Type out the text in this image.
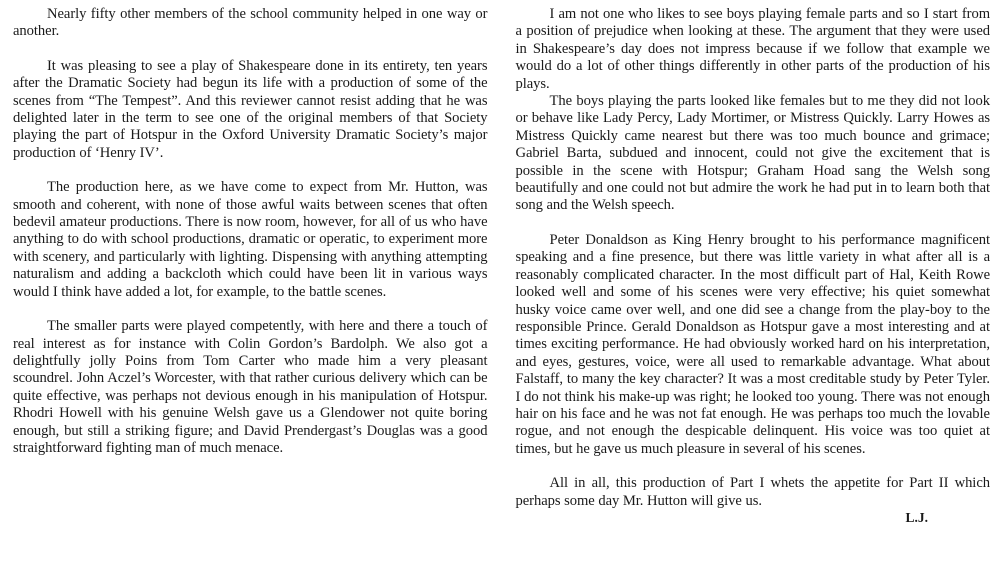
Nearly fifty other members of the school community helped in one way or another.

It was pleasing to see a play of Shakespeare done in its entirety, ten years after the Dramatic Society had begun its life with a production of some of the scenes from “The Tempest”. And this reviewer cannot resist adding that he was delighted later in the term to see one of the original members of that Society playing the part of Hotspur in the Oxford University Dramatic Society’s major production of ‘Henry IV’.

The production here, as we have come to expect from Mr. Hutton, was smooth and coherent, with none of those awful waits between scenes that often bedevil amateur productions. There is now room, however, for all of us who have anything to do with school productions, dramatic or operatic, to experiment more with scenery, and particularly with lighting. Dispensing with anything attempting naturalism and adding a backcloth which could have been lit in various ways would I think have added a lot, for example, to the battle scenes.

The smaller parts were played competently, with here and there a touch of real interest as for instance with Colin Gordon’s Bardolph. We also got a delightfully jolly Poins from Tom Carter who made him a very pleasant scoundrel. John Aczel’s Worcester, with that rather curious delivery which can be quite effective, was perhaps not devious enough in his manipulation of Hotspur. Rhodri Howell with his genuine Welsh gave us a Glendower not quite boring enough, but still a striking figure; and David Prendergast’s Douglas was a good straightforward fighting man of much menace.

I am not one who likes to see boys playing female parts and so I start from a position of prejudice when looking at these. The argument that they were used in Shakespeare’s day does not impress because if we follow that example we would do a lot of other things differently in other parts of the production of his plays.

The boys playing the parts looked like females but to me they did not look or behave like Lady Percy, Lady Mortimer, or Mistress Quickly. Larry Howes as Mistress Quickly came nearest but there was too much bounce and grimace; Gabriel Barta, subdued and innocent, could not give the excitement that is possible in the scene with Hotspur; Graham Hoad sang the Welsh song beautifully and one could not but admire the work he had put in to learn both that song and the Welsh speech.

Peter Donaldson as King Henry brought to his performance magnificent speaking and a fine presence, but there was little variety in what after all is a reasonably complicated character. In the most difficult part of Hal, Keith Rowe looked well and some of his scenes were very effective; his quiet somewhat husky voice came over well, and one did see a change from the play-boy to the responsible Prince. Gerald Donaldson as Hotspur gave a most interesting and at times exciting performance. He had obviously worked hard on his interpretation, and eyes, gestures, voice, were all used to remarkable advantage. What about Falstaff, to many the key character? It was a most creditable study by Peter Tyler. I do not think his make-up was right; he looked too young. There was not enough hair on his face and he was not fat enough. He was perhaps too much the lovable rogue, and not enough the despicable delinquent. His voice was too quiet at times, but he gave us much pleasure in several of his scenes.

All in all, this production of Part I whets the appetite for Part II which perhaps some day Mr. Hutton will give us.

L.J.
